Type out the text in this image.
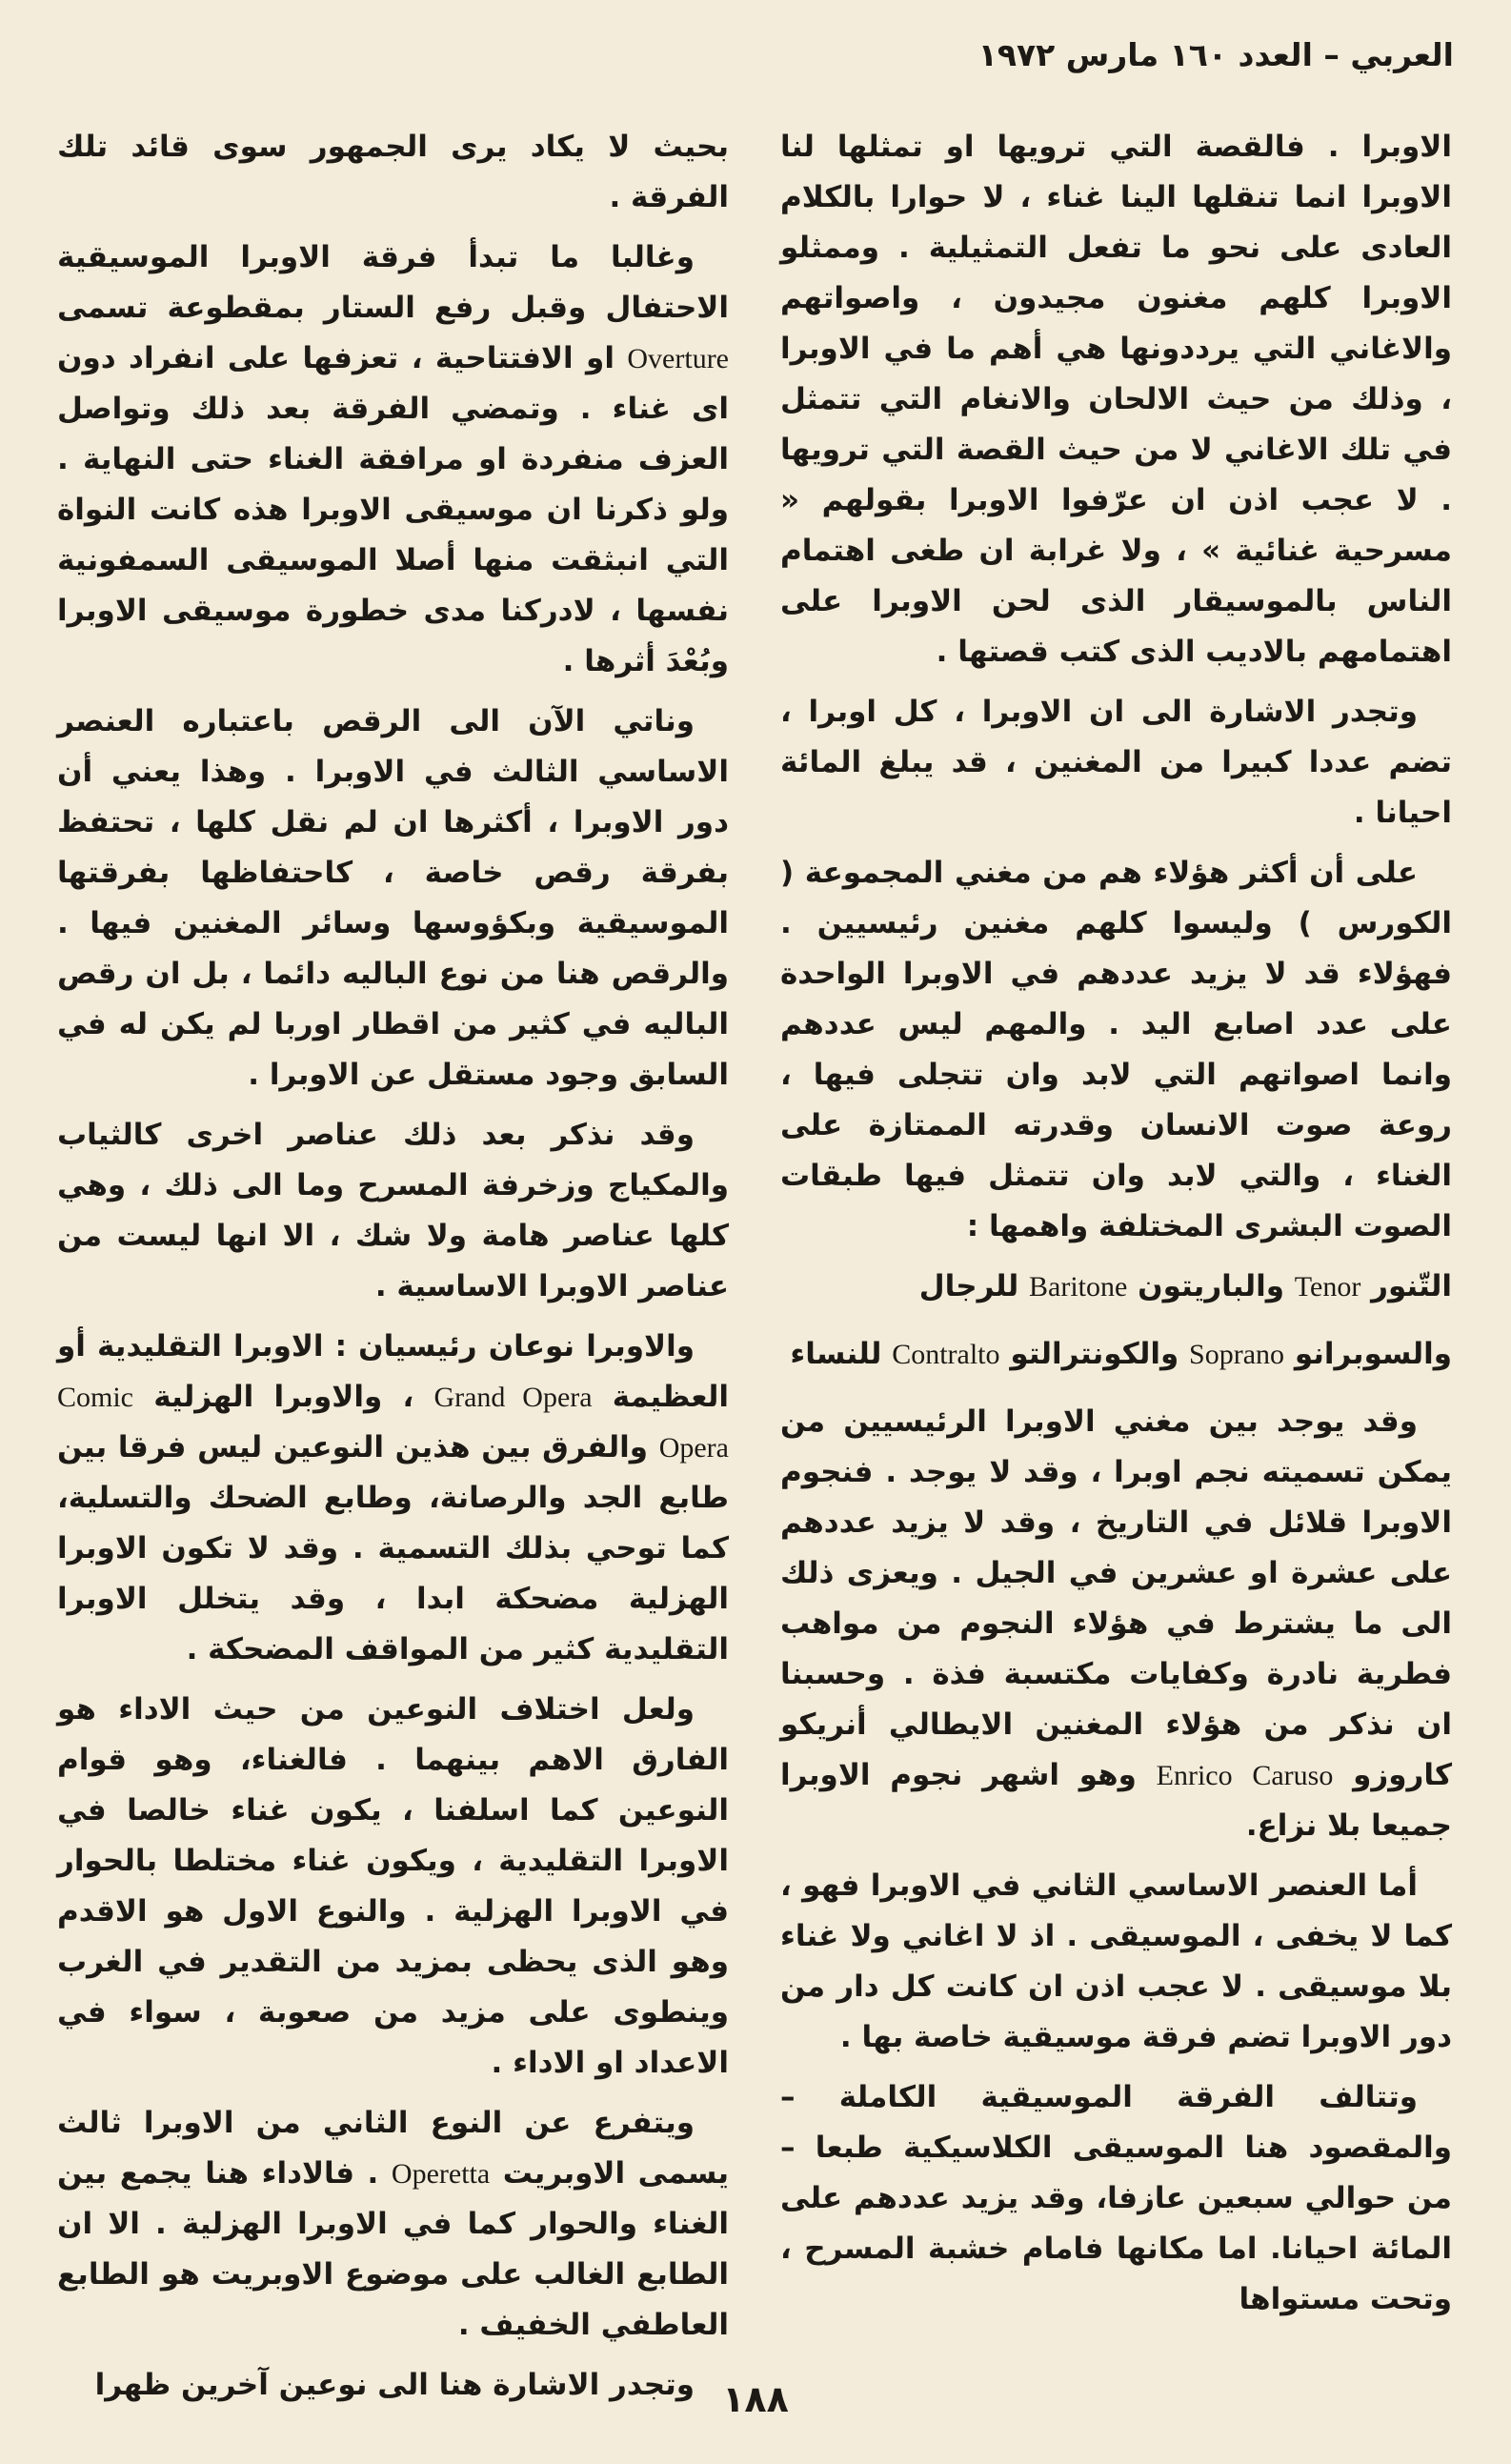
العربي – العدد ١٦٠ مارس ١٩٧٢

الاوبرا . فالقصة التي ترويها او تمثلها لنا الاوبرا انما تنقلها الينا غناء ، لا حوارا بالكلام العادى على نحو ما تفعل التمثيلية . وممثلو الاوبرا كلهم مغنون مجيدون ، واصواتهم والاغاني التي يرددونها هي أهم ما في الاوبرا ، وذلك من حيث الالحان والانغام التي تتمثل في تلك الاغاني لا من حيث القصة التي ترويها . لا عجب اذن ان عرّفوا الاوبرا بقولهم « مسرحية غنائية » ، ولا غرابة ان طغى اهتمام الناس بالموسيقار الذى لحن الاوبرا على اهتمامهم بالاديب الذى كتب قصتها .

وتجدر الاشارة الى ان الاوبرا ، كل اوبرا ، تضم عددا كبيرا من المغنين ، قد يبلغ المائة احيانا .

على أن أكثر هؤلاء هم من مغني المجموعة ( الكورس ) وليسوا كلهم مغنين رئيسيين . فهؤلاء قد لا يزيد عددهم في الاوبرا الواحدة على عدد اصابع اليد . والمهم ليس عددهم وانما اصواتهم التي لابد وان تتجلى فيها ، روعة صوت الانسان وقدرته الممتازة على الغناء ، والتي لابد وان تتمثل فيها طبقات الصوت البشرى المختلفة واهمها :

التّنور Tenor والباريتون Baritone للرجال

والسوبرانو Soprano والكونترالتو Contralto للنساء

وقد يوجد بين مغني الاوبرا الرئيسيين من يمكن تسميته نجم اوبرا ، وقد لا يوجد . فنجوم الاوبرا قلائل في التاريخ ، وقد لا يزيد عددهم على عشرة او عشرين في الجيل . ويعزى ذلك الى ما يشترط في هؤلاء النجوم من مواهب فطرية نادرة وكفايات مكتسبة فذة . وحسبنا ان نذكر من هؤلاء المغنين الايطالي أنريكو كاروزو Enrico Caruso وهو اشهر نجوم الاوبرا جميعا بلا نزاع.

أما العنصر الاساسي الثاني في الاوبرا فهو ، كما لا يخفى ، الموسيقى . اذ لا اغاني ولا غناء بلا موسيقى . لا عجب اذن ان كانت كل دار من دور الاوبرا تضم فرقة موسيقية خاصة بها .

وتتالف الفرقة الموسيقية الكاملة – والمقصود هنا الموسيقى الكلاسيكية طبعا – من حوالي سبعين عازفا، وقد يزيد عددهم على المائة احيانا. اما مكانها فامام خشبة المسرح ، وتحت مستواها

بحيث لا يكاد يرى الجمهور سوى قائد تلك الفرقة .

وغالبا ما تبدأ فرقة الاوبرا الموسيقية الاحتفال وقبل رفع الستار بمقطوعة تسمى Overture او الافتتاحية ، تعزفها على انفراد دون اى غناء . وتمضي الفرقة بعد ذلك وتواصل العزف منفردة او مرافقة الغناء حتى النهاية . ولو ذكرنا ان موسيقى الاوبرا هذه كانت النواة التي انبثقت منها أصلا الموسيقى السمفونية نفسها ، لادركنا مدى خطورة موسيقى الاوبرا وبُعْدَ أثرها .

وناتي الآن الى الرقص باعتباره العنصر الاساسي الثالث في الاوبرا . وهذا يعني أن دور الاوبرا ، أكثرها ان لم نقل كلها ، تحتفظ بفرقة رقص خاصة ، كاحتفاظها بفرقتها الموسيقية وبكؤوسها وسائر المغنين فيها . والرقص هنا من نوع الباليه دائما ، بل ان رقص الباليه في كثير من اقطار اوربا لم يكن له في السابق وجود مستقل عن الاوبرا .

وقد نذكر بعد ذلك عناصر اخرى كالثياب والمكياج وزخرفة المسرح وما الى ذلك ، وهي كلها عناصر هامة ولا شك ، الا انها ليست من عناصر الاوبرا الاساسية .

والاوبرا نوعان رئيسيان : الاوبرا التقليدية أو العظيمة Grand Opera ، والاوبرا الهزلية Comic Opera والفرق بين هذين النوعين ليس فرقا بين طابع الجد والرصانة، وطابع الضحك والتسلية، كما توحي بذلك التسمية . وقد لا تكون الاوبرا الهزلية مضحكة ابدا ، وقد يتخلل الاوبرا التقليدية كثير من المواقف المضحكة .

ولعل اختلاف النوعين من حيث الاداء هو الفارق الاهم بينهما . فالغناء، وهو قوام النوعين كما اسلفنا ، يكون غناء خالصا في الاوبرا التقليدية ، ويكون غناء مختلطا بالحوار في الاوبرا الهزلية . والنوع الاول هو الاقدم وهو الذى يحظى بمزيد من التقدير في الغرب وينطوى على مزيد من صعوبة ، سواء في الاعداد او الاداء .

ويتفرع عن النوع الثاني من الاوبرا ثالث يسمى الاوبريت Operetta . فالاداء هنا يجمع بين الغناء والحوار كما في الاوبرا الهزلية . الا ان الطابع الغالب على موضوع الاوبريت هو الطابع العاطفي الخفيف .

وتجدر الاشارة هنا الى نوعين آخرين ظهرا ١٨٨
